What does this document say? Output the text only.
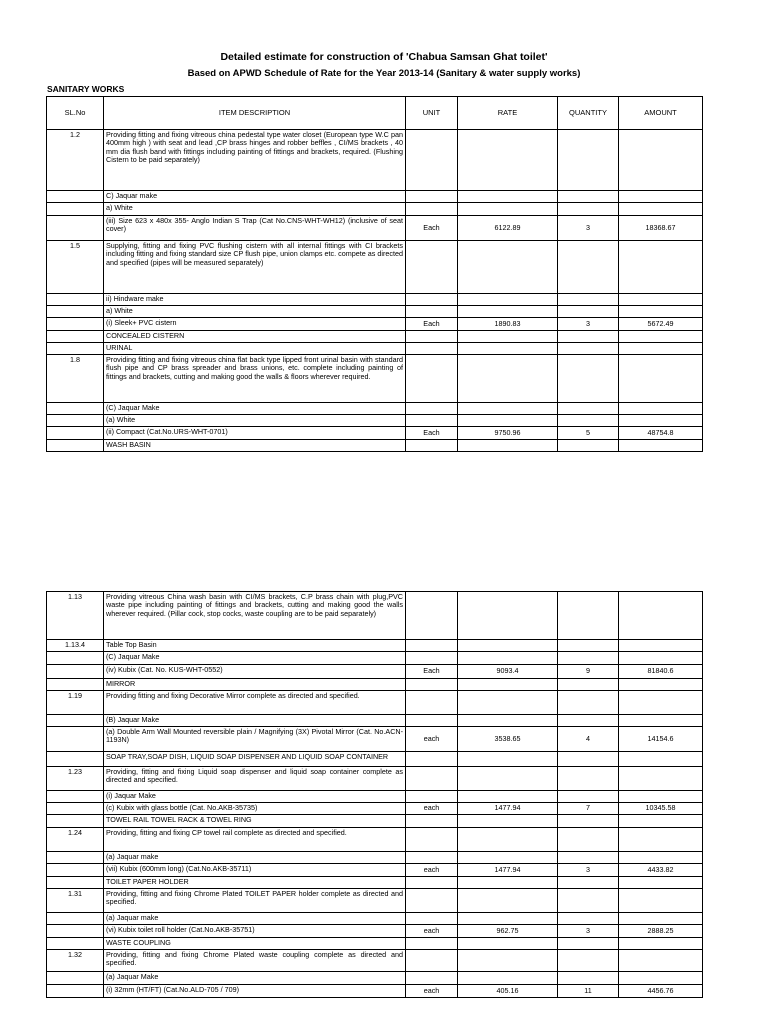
Detailed estimate for construction of 'Chabua Samsan Ghat toilet'
Based on APWD Schedule of Rate for the Year 2013-14 (Sanitary & water supply works)
SANITARY WORKS
SL.No	ITEM DESCRIPTION	UNIT	RATE	QUANTITY	AMOUNT
1.2	Providing fitting and fixing vitreous china pedestal type water closet (European type W.C pan 400mm high ) with seat and lead ,CP brass hinges and robber beffles , CI/MS brackets , 40 mm dia flush band with fittings including painting of fittings and brackets, required. (Flushing Cistern to be paid separately)				
	C) Jaquar make				
	a) White				
	(iii) Size 623 x 480x 355- Anglo Indian S Trap (Cat No.CNS-WHT-WH12) (inclusive of seat cover)	Each	6122.89	3	18368.67
1.5	Supplying, fitting and fixing PVC flushing cistern with all internal fittings with CI brackets including fitting and fixing standard size CP flush pipe, union clamps etc. compete as directed and specified (pipes will be measured separately)				
	ii) Hindware make				
	a) White				
	(i) Sleek+ PVC cistern	Each	1890.83	3	5672.49
	CONCEALED CISTERN				
	URINAL				
1.8	Providing fitting and fixing vitreous china flat back type lipped front urinal basin with standard flush pipe and CP brass spreader and brass unions, etc. complete including painting of fittings and brackets, cutting and making good the walls & floors wherever required.				
	(C) Jaquar Make				
	(a) White				
	(ii) Compact (Cat.No.URS-WHT-0701)	Each	9750.96	5	48754.8
	WASH BASIN				
1.13	Providing vitreous China wash basin with CI/MS brackets, C.P brass chain with plug,PVC waste pipe including painting of fittings and brackets, cutting and making good the walls wherever required. (Pillar cock, stop cocks, waste coupling are to be paid separately)				
1.13.4	Table Top Basin				
	(C) Jaquar Make				
	(iv) Kubix (Cat. No. KUS-WHT-0552)	Each	9093.4	9	81840.6
	MIRROR				
1.19	Providing fitting and fixing Decorative Mirror complete as directed and specified.				
	(B) Jaquar Make				
	(a) Double Arm Wall Mounted reversible plain / Magnifying (3X) Pivotal Mirror (Cat. No.ACN-1193N)	each	3538.65	4	14154.6
	SOAP TRAY,SOAP DISH, LIQUID SOAP DISPENSER AND LIQUID SOAP CONTAINER				
1.23	Providing, fitting and fixing Liquid soap dispenser and liquid soap container complete as directed and specified.				
	(i) Jaquar Make				
	(c) Kubix with glass bottle (Cat. No.AKB-35735)	each	1477.94	7	10345.58
	TOWEL RAIL TOWEL RACK & TOWEL RING				
1.24	Providing, fitting and fixing CP towel rail complete as directed and specified.				
	(a) Jaquar make				
	(vii) Kubix (600mm long) (Cat.No.AKB-35711)	each	1477.94	3	4433.82
	TOILET PAPER HOLDER				
1.31	Providing, fitting and fixing Chrome Plated TOILET PAPER holder complete as directed and specified.				
	(a) Jaquar make				
	(vi) Kubix toilet roll holder (Cat.No.AKB-35751)	each	962.75	3	2888.25
	WASTE COUPLING				
1.32	Providing, fitting and fixing Chrome Plated waste coupling complete as directed and specified.				
	(a) Jaquar Make				
	(i) 32mm (HT/FT) (Cat.No.ALD-705 / 709)	each	405.16	11	4456.76
